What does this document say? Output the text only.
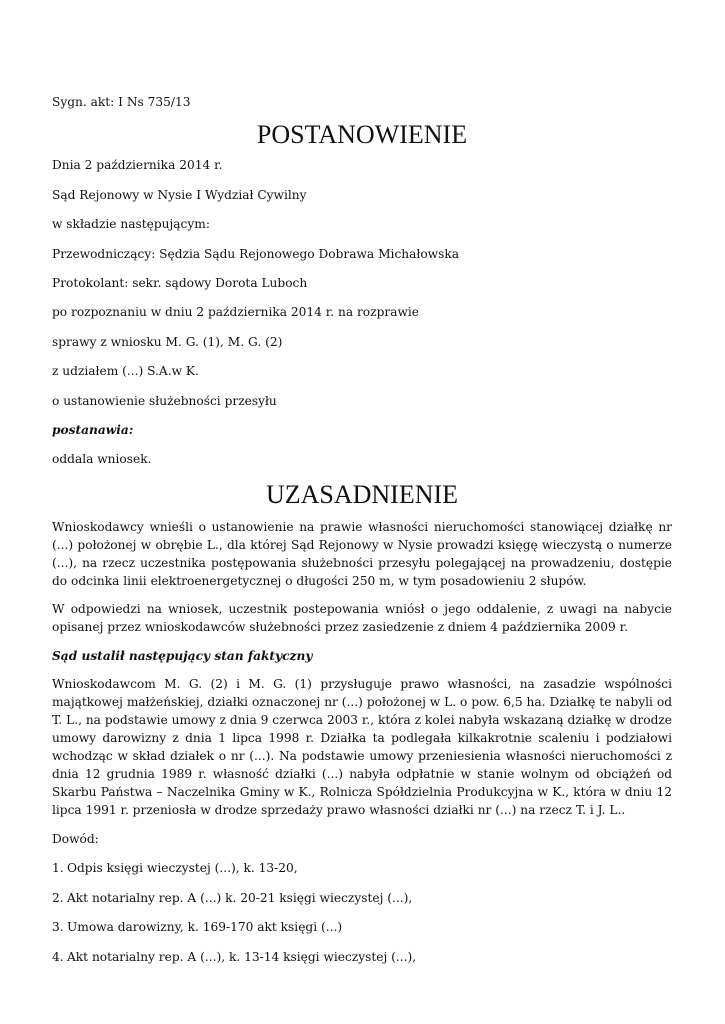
Sygn. akt: I Ns 735/13

POSTANOWIENIE

Dnia 2 października 2014 r.

Sąd Rejonowy w Nysie I Wydział Cywilny

w składzie następującym:

Przewodniczący: Sędzia Sądu Rejonowego Dobrawa Michałowska

Protokolant: sekr. sądowy Dorota Luboch

po rozpoznaniu w dniu 2 października 2014 r. na rozprawie

sprawy z wniosku M. G. (1), M. G. (2)

z udziałem (...) S.A.w K.

o ustanowienie służebności przesyłu

postanawia:

oddala wniosek.

UZASADNIENIE

Wnioskodawcy wnieśli o ustanowienie na prawie własności nieruchomości stanowiącej działkę nr (...) położonej w obrębie L., dla której Sąd Rejonowy w Nysie prowadzi księgę wieczystą o numerze (...), na rzecz uczestnika postępowania służebności przesyłu polegającej na prowadzeniu, dostępie do odcinka linii elektroenergetycznej o długości 250 m, w tym posadowieniu 2 słupów.

W odpowiedzi na wniosek, uczestnik postepowania wniósł o jego oddalenie, z uwagi na nabycie opisanej przez wnioskodawców służebności przez zasiedzenie z dniem 4 października 2009 r.

Sąd ustalił następujący stan faktyczny

Wnioskodawcom M. G. (2) i M. G. (1) przysługuje prawo własności, na zasadzie wspólności majątkowej małżeńskiej, działki oznaczonej nr (...) położonej w L. o pow. 6,5 ha. Działkę te nabyli od T. L., na podstawie umowy z dnia 9 czerwca 2003 r., która z kolei nabyła wskazaną działkę w drodze umowy darowizny z dnia 1 lipca 1998 r. Działka ta podlegała kilkakrotnie scaleniu i podziałowi wchodząc w skład działek o nr (...). Na podstawie umowy przeniesienia własności nieruchomości z dnia 12 grudnia 1989 r. własność działki (...) nabyła odpłatnie w stanie wolnym od obciążeń od Skarbu Państwa – Naczelnika Gminy w K., Rolnicza Spółdzielnia Produkcyjna w K., która w dniu 12 lipca 1991 r. przeniosła w drodze sprzedaży prawo własności działki nr (...) na rzecz T. i J. L..

Dowód:

1. Odpis księgi wieczystej (...), k. 13-20,

2. Akt notarialny rep. A (...) k. 20-21 księgi wieczystej (...),

3. Umowa darowizny, k. 169-170 akt księgi (...)

4. Akt notarialny rep. A (...), k. 13-14 księgi wieczystej (...),
